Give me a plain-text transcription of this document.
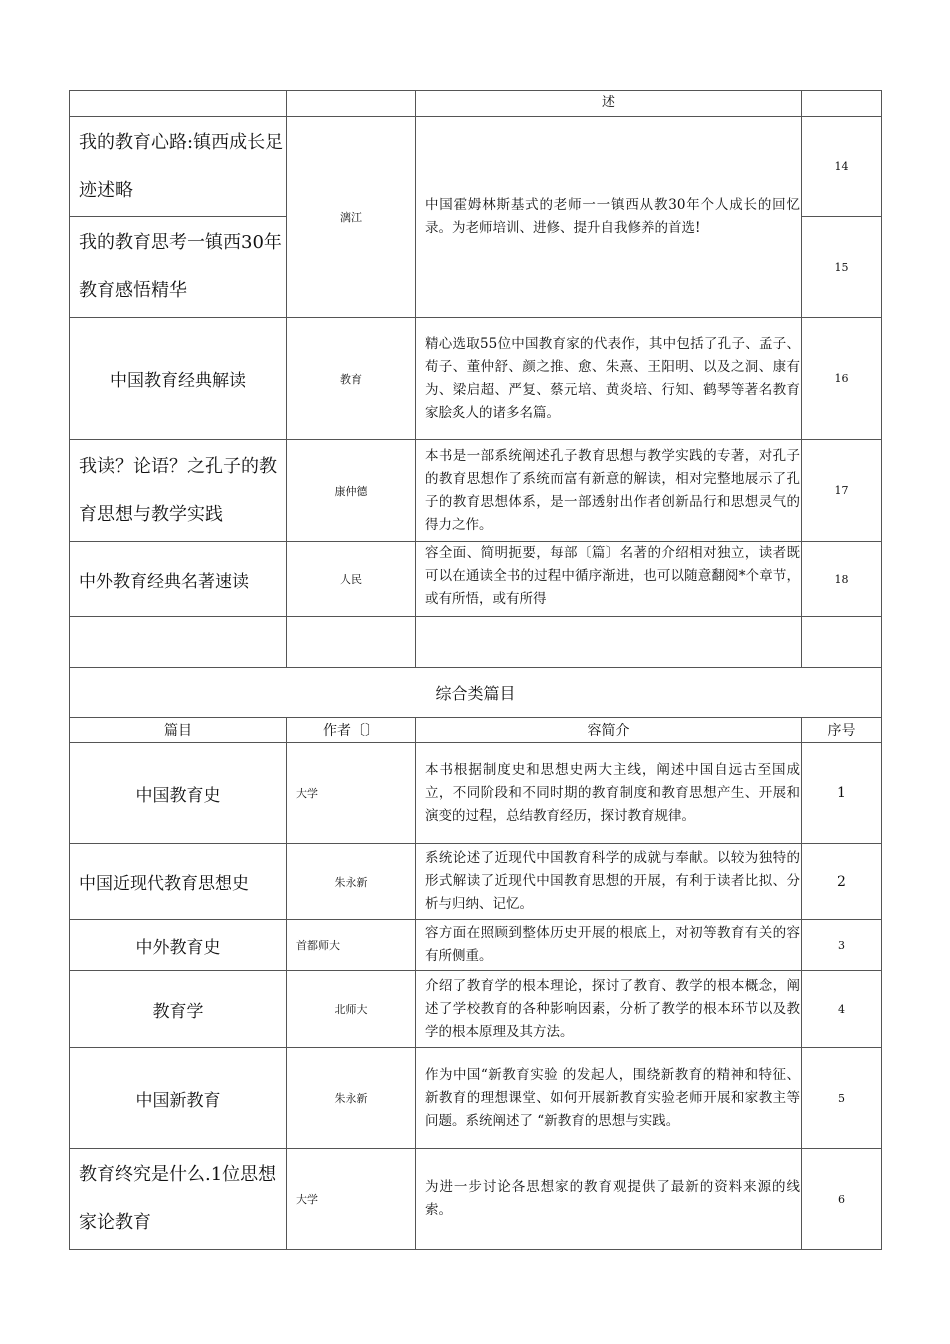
		述	
我的教育心路:镇西成长足迹述略	漓江	中国霍姆林斯基式的老师一一镇西从教30年个人成长的回忆录。为老师培训、进修、提升自我修养的首选!	14
我的教育思考一镇西30年教育感悟精华			15
中国教育经典解读	教育	精心选取55位中国教育家的代表作，其中包括了孔子、孟子、荀子、董仲舒、颜之推、愈、朱熹、王阳明、以及之洞、康有为、梁启超、严复、蔡元培、黄炎培、行知、鹤琴等著名教育家脍炙人的诸多名篇。	16
我读？论语？之孔子的教育思想与教学实践	康仲德	本书是一部系统阐述孔子教育思想与教学实践的专著，对孔子的教育思想作了系统而富有新意的解读，相对完整地展示了孔子的教育思想体系，是一部透射出作者创新品行和思想灵气的得力之作。	17
中外教育经典名著速读	人民	容全面、简明扼要，每部〔篇〕名著的介绍相对独立，读者既可以在通读全书的过程中循序渐进，也可以随意翻阅*个章节，或有所悟，或有所得	18

综合类篇目			
篇目	作者〔〕	容简介	序号
中国教育史	大学	本书根据制度史和思想史两大主线，阐述中国自远古至国成立，不同阶段和不同时期的教育制度和教育思想产生、开展和演变的过程，总结教育经历，探讨教育规律。	1
中国近现代教育思想史	朱永新	系统论述了近现代中国教育科学的成就与奉献。以较为独特的形式解读了近现代中国教育思想的开展，有利于读者比拟、分析与归纳、记忆。	2
中外教育史	首都师大	容方面在照顾到整体历史开展的根底上，对初等教育有关的容有所侧重。	3
教育学	北师大	介绍了教育学的根本理论，探讨了教育、教学的根本概念，阐述了学校教育的各种影响因素，分析了教学的根本环节以及教学的根本原理及其方法。	4
中国新教育	朱永新	作为中国“新教育实验 的发起人，围绕新教育的精神和特征、新教育的理想课堂、如何开展新教育实验老师开展和家教主等问题。系统阐述了 “新教育的思想与实践。	5
教育终究是什么.1位思想家论教育	大学	为进一步讨论各思想家的教育观提供了最新的资料来源的线索。	6
